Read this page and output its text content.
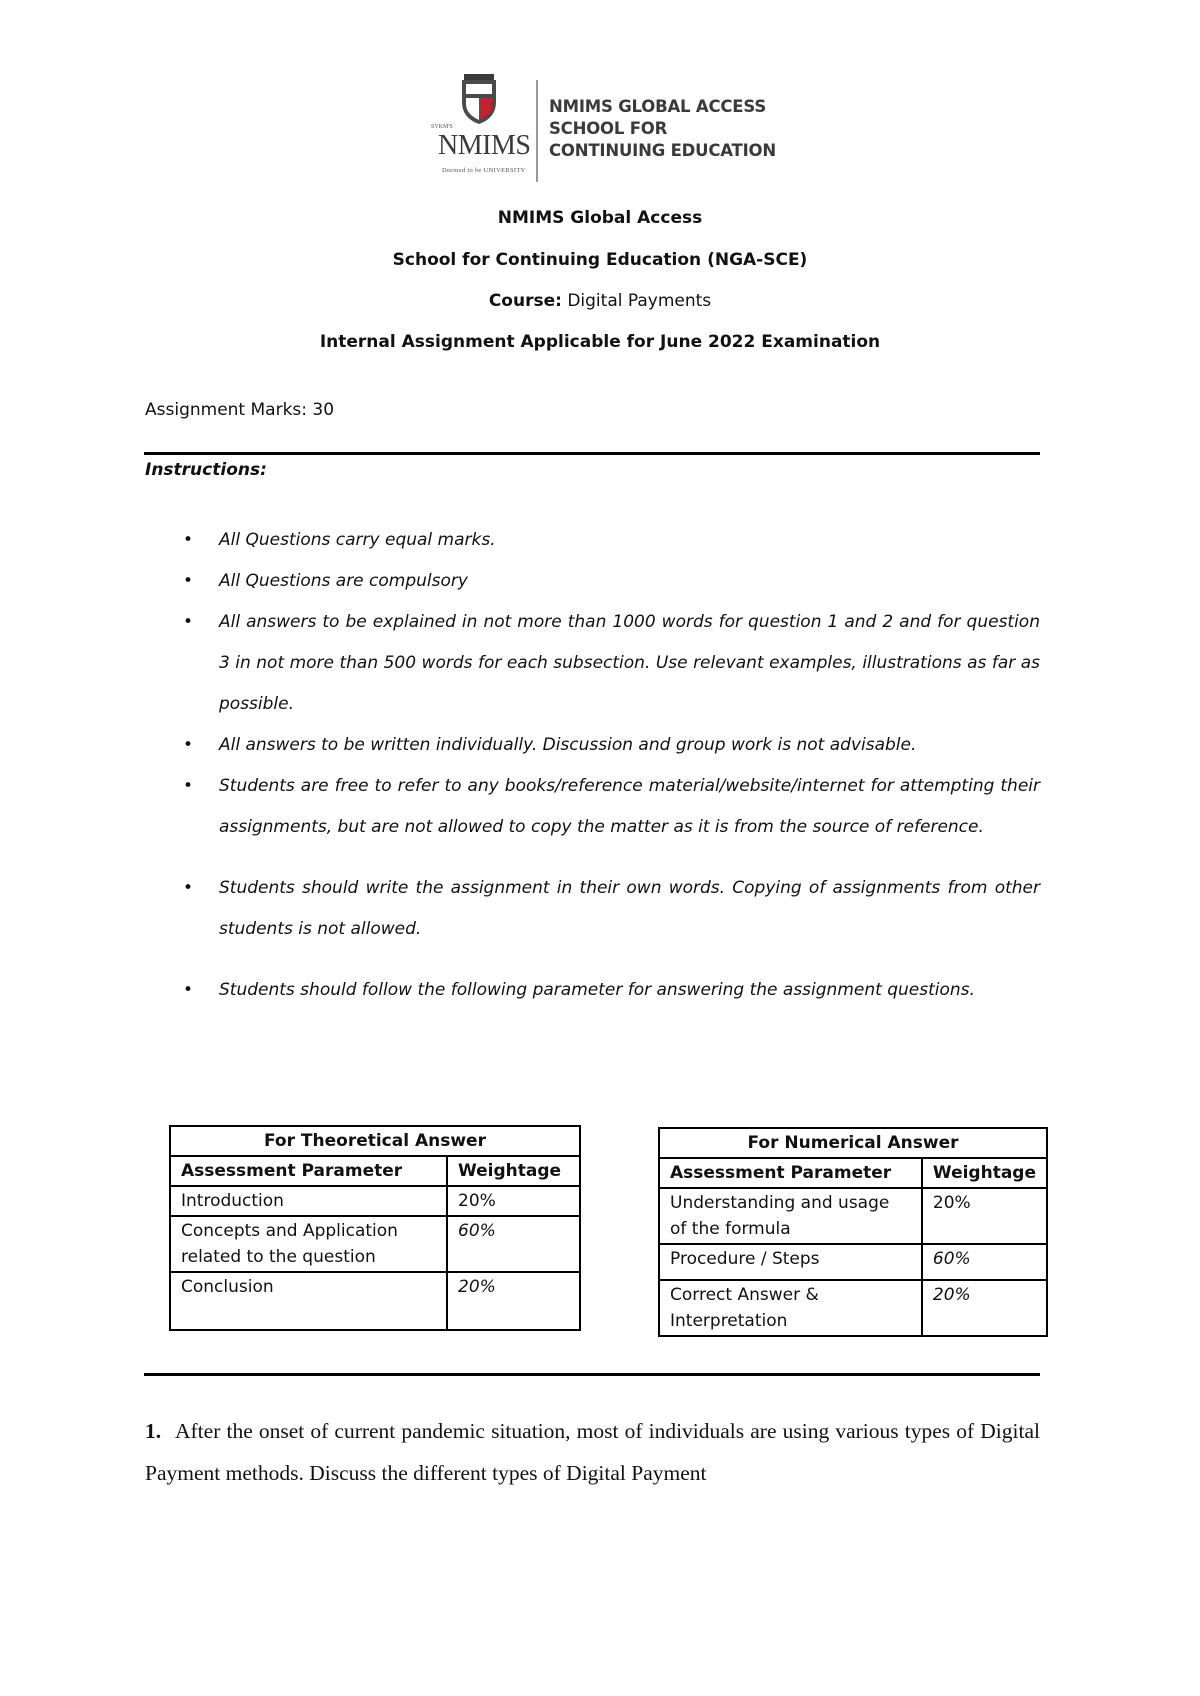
SVKM'S
NMIMS
Deemed to be UNIVERSITY
NMIMS GLOBAL ACCESS
SCHOOL FOR
CONTINUING EDUCATION
NMIMS Global Access
School for Continuing Education (NGA-SCE)
Course: Digital Payments
Internal Assignment Applicable for June 2022 Examination
Assignment Marks: 30
Instructions:
• All Questions carry equal marks.
• All Questions are compulsory
• All answers to be explained in not more than 1000 words for question 1 and 2 and for question 3 in not more than 500 words for each subsection. Use relevant examples, illustrations as far as possible.
• All answers to be written individually. Discussion and group work is not advisable.
• Students are free to refer to any books/reference material/website/internet for attempting their assignments, but are not allowed to copy the matter as it is from the source of reference.
• Students should write the assignment in their own words. Copying of assignments from other students is not allowed.
• Students should follow the following parameter for answering the assignment questions.
For Theoretical Answer	
Assessment Parameter	Weightage
Introduction	20%
Concepts and Application related to the question	60%
Conclusion	20%
For Numerical Answer	
Assessment Parameter	Weightage
Understanding and usage of the formula	20%
Procedure / Steps	60%
Correct Answer & Interpretation	20%
1. After the onset of current pandemic situation, most of individuals are using various types of Digital Payment methods. Discuss the different types of Digital Payment
